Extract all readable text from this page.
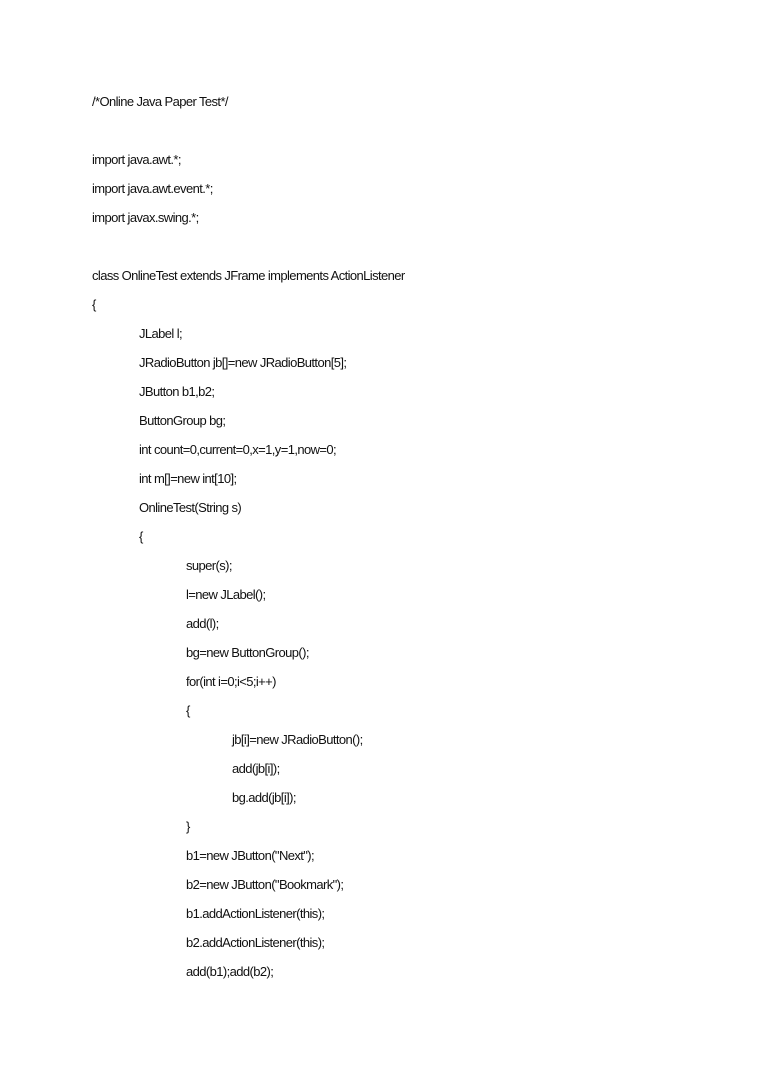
/*Online Java Paper Test*/
import java.awt.*;
import java.awt.event.*;
import javax.swing.*;
class OnlineTest extends JFrame implements ActionListener
{
JLabel l;
JRadioButton jb[]=new JRadioButton[5];
JButton b1,b2;
ButtonGroup bg;
int count=0,current=0,x=1,y=1,now=0;
int m[]=new int[10];
OnlineTest(String s)
{
super(s);
l=new JLabel();
add(l);
bg=new ButtonGroup();
for(int i=0;i<5;i++)
{
jb[i]=new JRadioButton();
add(jb[i]);
bg.add(jb[i]);
}
b1=new JButton("Next");
b2=new JButton("Bookmark");
b1.addActionListener(this);
b2.addActionListener(this);
add(b1);add(b2);
